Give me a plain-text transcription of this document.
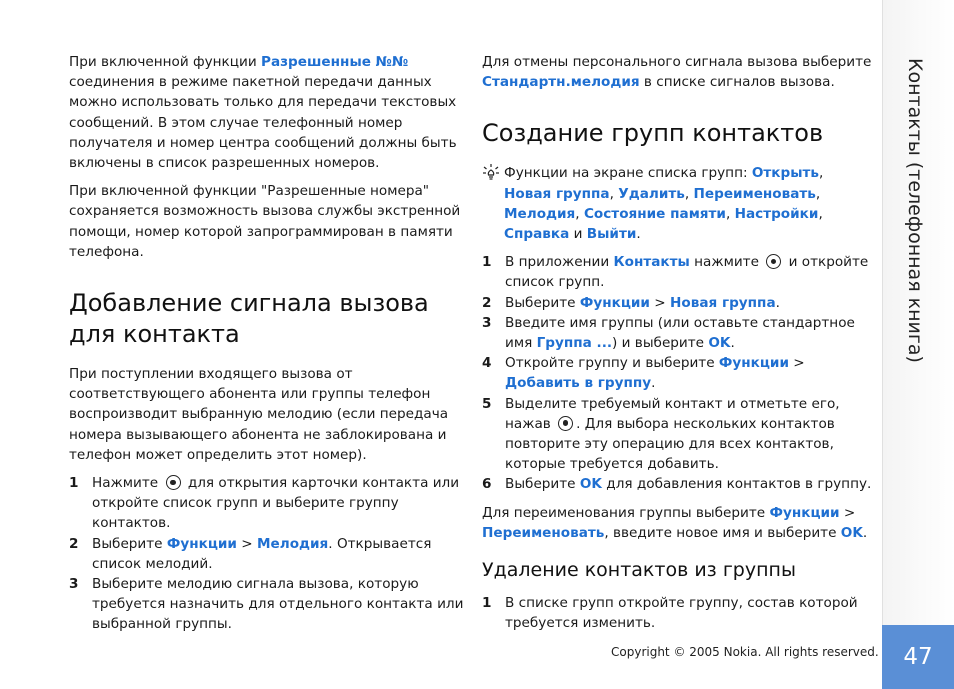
При включенной функции Разрешенные №№ соединения в режиме пакетной передачи данных можно использовать только для передачи текстовых сообщений. В этом случае телефонный номер получателя и номер центра сообщений должны быть включены в список разрешенных номеров.

При включенной функции "Разрешенные номера" сохраняется возможность вызова службы экстренной помощи, номер которой запрограммирован в памяти телефона.

Добавление сигнала вызова для контакта

При поступлении входящего вызова от соответствующего абонента или группы телефон воспроизводит выбранную мелодию (если передача номера вызывающего абонента не заблокирована и телефон может определить этот номер).

1 Нажмите  для открытия карточки контакта или откройте список групп и выберите группу контактов.
2 Выберите Функции > Мелодия. Открывается список мелодий.
3 Выберите мелодию сигнала вызова, которую требуется назначить для отдельного контакта или выбранной группы.

Для отмены персонального сигнала вызова выберите Стандартн.мелодия в списке сигналов вызова.

Создание групп контактов
Функции на экране списка групп: Открыть, Новая группа, Удалить, Переименовать, Мелодия, Состояние памяти, Настройки, Справка и Выйти.
1 В приложении Контакты нажмите  и откройте список групп.
2 Выберите Функции > Новая группа.
3 Введите имя группы (или оставьте стандартное имя Группа ...) и выберите OK.
4 Откройте группу и выберите Функции > Добавить в группу.
5 Выделите требуемый контакт и отметьте его, нажав . Для выбора нескольких контактов повторите эту операцию для всех контактов, которые требуется добавить.
6 Выберите OK для добавления контактов в группу.

Для переименования группы выберите Функции > Переименовать, введите новое имя и выберите OK.

Удаление контактов из группы
1 В списке групп откройте группу, состав которой требуется изменить.
Контакты (телефонная книга)
Copyright © 2005 Nokia. All rights reserved.	47
